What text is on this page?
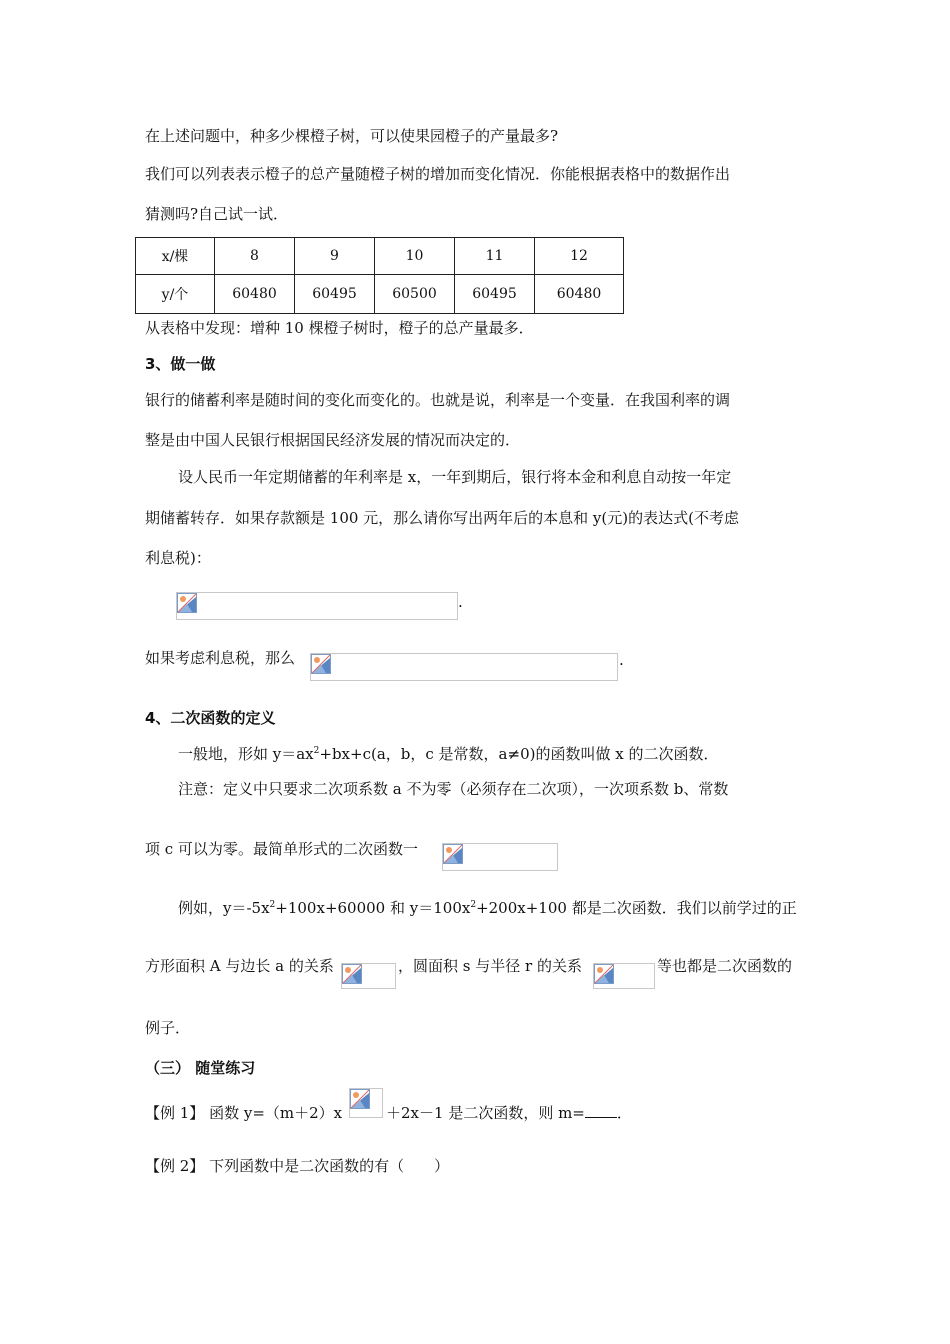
在上述问题中，种多少棵橙子树，可以使果园橙子的产量最多?
我们可以列表表示橙子的总产量随橙子树的增加而变化情况．你能根据表格中的数据作出
猜测吗?自己试一试．
x/棵	8	9	10	11	12
y/个	60480	60495	60500	60495	60480
从表格中发现：增种 10 棵橙子树时，橙子的总产量最多．
3、做一做
银行的储蓄利率是随时间的变化而变化的。也就是说，利率是一个变量．在我国利率的调
整是由中国人民银行根据国民经济发展的情况而决定的．
设人民币一年定期储蓄的年利率是 x，一年到期后，银行将本金和利息自动按一年定
期储蓄转存．如果存款额是 100 元，那么请你写出两年后的本息和 y(元)的表达式(不考虑
利息税)：
.
如果考虑利息税，那么	.
4、二次函数的定义
一般地，形如 $y=ax^2+bx+c(a$，b，c 是常数，a≠0)的函数叫做 x 的二次函数．
注意：定义中只要求二次项系数 a 不为零（必须存在二次项），一次项系数 b、常数
项 c 可以为零。最简单形式的二次函数一
例如，$y=-5x^2+100x+60000$ 和 $y=100x^2+200x+100$ 都是二次函数．我们以前学过的正
方形面积 A 与边长 a 的关系	，圆面积 s 与半径 r 的关系	等也都是二次函数的
例子．
（三） 随堂练习
【例 1】 函数 y=（m＋2）x	＋2x－1 是二次函数，则 m= ．
【例 2】 下列函数中是二次函数的有（　　）
